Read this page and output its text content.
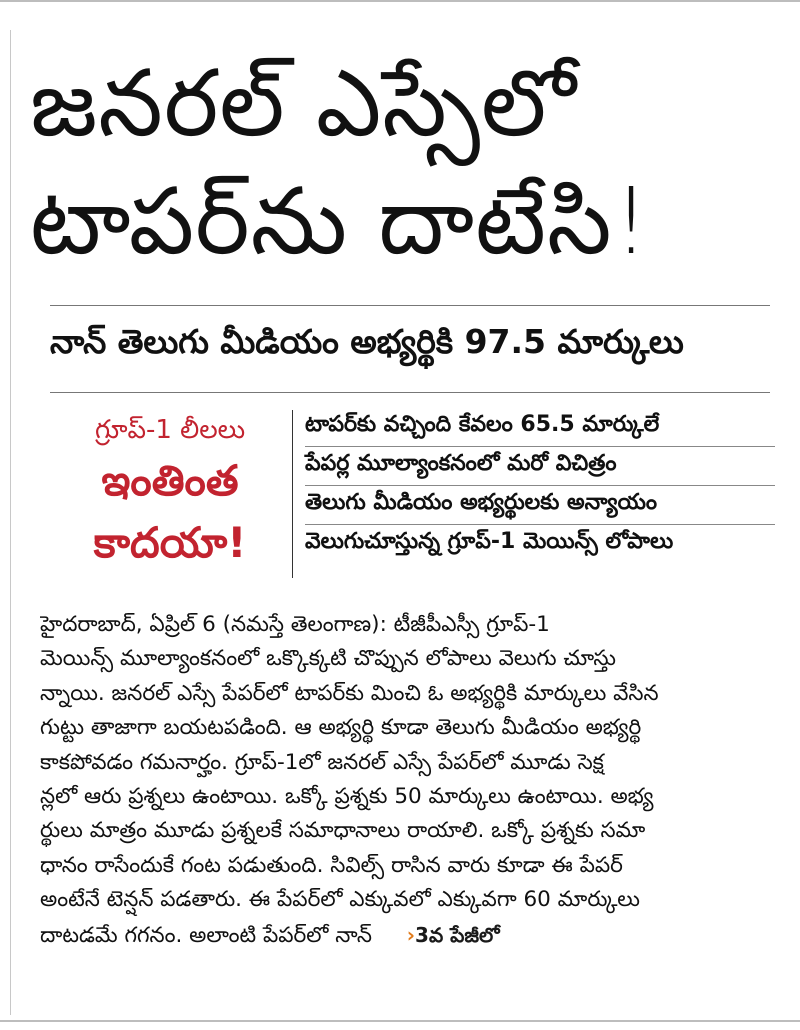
జనరల్ ఎస్సేలో
టాపర్‌ను దాటేసి!
నాన్ తెలుగు మీడియం అభ్యర్థికి 97.5 మార్కులు
గ్రూప్-1 లీలలు
ఇంతింత
కాదయా!
టాపర్‌కు వచ్చింది కేవలం 65.5 మార్కులే
పేపర్ల మూల్యాంకనంలో మరో విచిత్రం
తెలుగు మీడియం అభ్యర్థులకు అన్యాయం
వెలుగుచూస్తున్న గ్రూప్-1 మెయిన్స్ లోపాలు
హైదరాబాద్, ఏప్రిల్ 6 (నమస్తే తెలంగాణ): టీజీపీఎస్సీ గ్రూప్-1
మెయిన్స్ మూల్యాంకనంలో ఒక్కొక్కటి చొప్పున లోపాలు వెలుగు చూస్తు
న్నాయి. జనరల్ ఎస్సే పేపర్‌లో టాపర్‌కు మించి ఓ అభ్యర్థికి మార్కులు వేసిన
గుట్టు తాజాగా బయటపడింది. ఆ అభ్యర్థి కూడా తెలుగు మీడియం అభ్యర్థి
కాకపోవడం గమనార్హం. గ్రూప్-1లో జనరల్ ఎస్సే పేపర్‌లో మూడు సెక్ష
న్లలో ఆరు ప్రశ్నలు ఉంటాయి. ఒక్కో ప్రశ్నకు 50 మార్కులు ఉంటాయి. అభ్య
ర్థులు మాత్రం మూడు ప్రశ్నలకే సమాధానాలు రాయాలి. ఒక్కో ప్రశ్నకు సమా
ధానం రాసేందుకే గంట పడుతుంది. సివిల్స్ రాసిన వారు కూడా ఈ పేపర్
అంటేనే టెన్షన్ పడతారు. ఈ పేపర్‌లో ఎక్కువలో ఎక్కువగా 60 మార్కులు
దాటడమే గగనం. అలాంటి పేపర్‌లో నాన్ ›3వ పేజీలో
